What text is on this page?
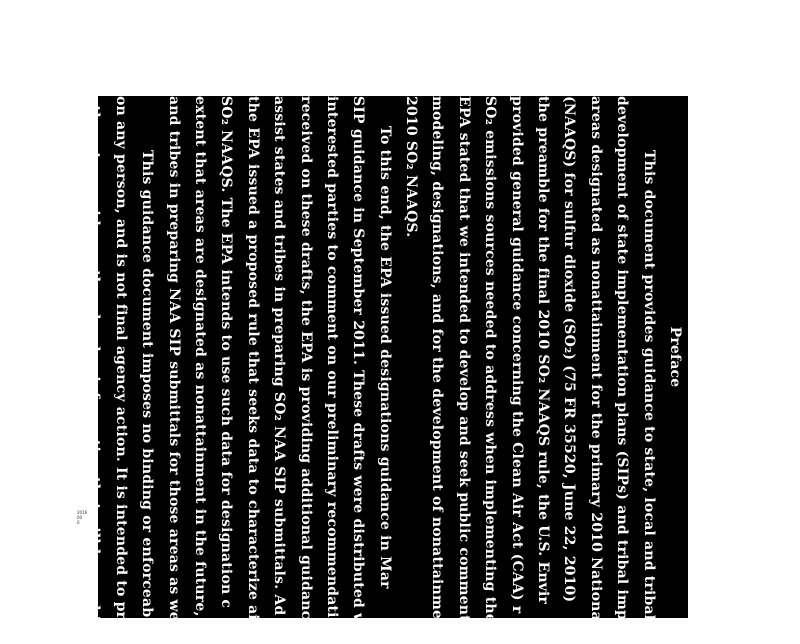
Preface
This document provides guidance to state, local and tribal
development of state implementation plans (SIPs) and tribal impl
areas designated as nonattainment for the primary 2010 National
(NAAQS) for sulfur dioxide (SO₂) (75 FR 35520, June 22, 2010)
the preamble for the final 2010 SO₂ NAAQS rule, the U.S. Envir
provided general guidance concerning the Clean Air Act (CAA) r
SO₂ emissions sources needed to address when implementing the
EPA stated that we intended to develop and seek public comment
modeling, designations, and for the development of nonattainmen
2010 SO₂ NAAQS.
To this end, the EPA issued designations guidance in Mar
SIP guidance in September 2011. These drafts were distributed w
interested parties to comment on our preliminary recommendatio
received on these drafts, the EPA is providing additional guidanc
assist states and tribes in preparing SO₂ NAA SIP submittals. Ad
the EPA issued a proposed rule that seeks data to characterize air
SO₂ NAAQS. The EPA intends to use such data for designation c
extent that areas are designated as nonattainment in the future, thi
and tribes in preparing NAA SIP submittals for those areas as we
This guidance document imposes no binding or enforceab
on any person, and is not final agency action. It is intended to pro
others to consider as they develop information that will be used in
2016
00 0
